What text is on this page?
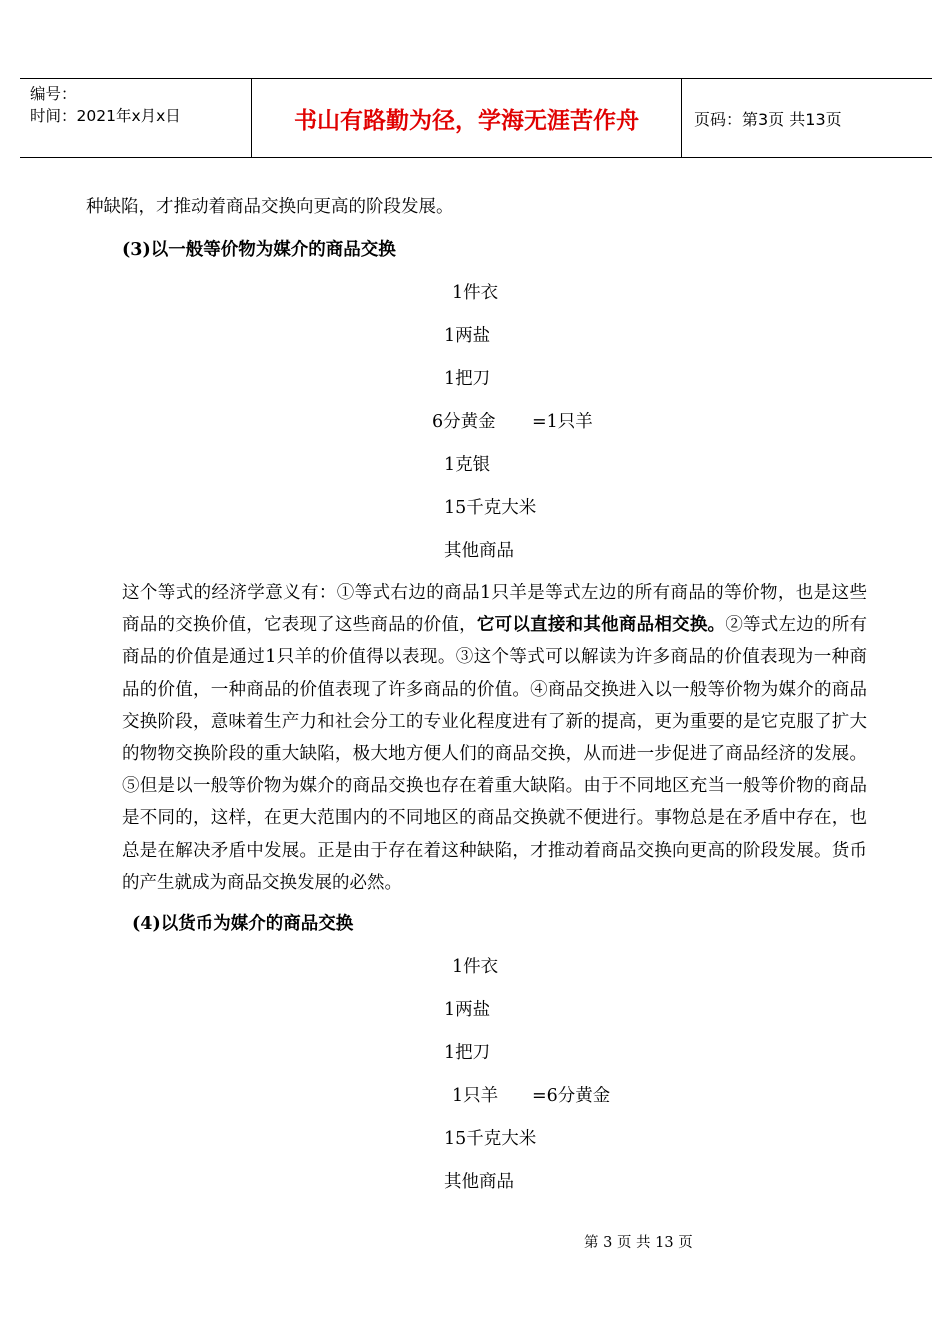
编号：
时间：2021年x月x日	书山有路勤为径，学海无涯苦作舟	页码：第3页 共13页
种缺陷，才推动着商品交换向更高的阶段发展。
(3)以一般等价物为媒介的商品交换
1件衣
1两盐
1把刀
6分黄金 =1只羊
1克银
15千克大米
其他商品
这个等式的经济学意义有：①等式右边的商品1只羊是等式左边的所有商品的等价物，也是这些商品的交换价值，它表现了这些商品的价值，它可以直接和其他商品相交换。②等式左边的所有商品的价值是通过1只羊的价值得以表现。③这个等式可以解读为许多商品的价值表现为一种商品的价值，一种商品的价值表现了许多商品的价值。④商品交换进入以一般等价物为媒介的商品交换阶段，意味着生产力和社会分工的专业化程度进有了新的提高，更为重要的是它克服了扩大的物物交换阶段的重大缺陷，极大地方便人们的商品交换，从而进一步促进了商品经济的发展。⑤但是以一般等价物为媒介的商品交换也存在着重大缺陷。由于不同地区充当一般等价物的商品是不同的，这样，在更大范围内的不同地区的商品交换就不便进行。事物总是在矛盾中存在，也总是在解决矛盾中发展。正是由于存在着这种缺陷，才推动着商品交换向更高的阶段发展。货币的产生就成为商品交换发展的必然。
(4)以货币为媒介的商品交换
1件衣
1两盐
1把刀
1只羊 =6分黄金
15千克大米
其他商品
第 3 页 共 13 页
